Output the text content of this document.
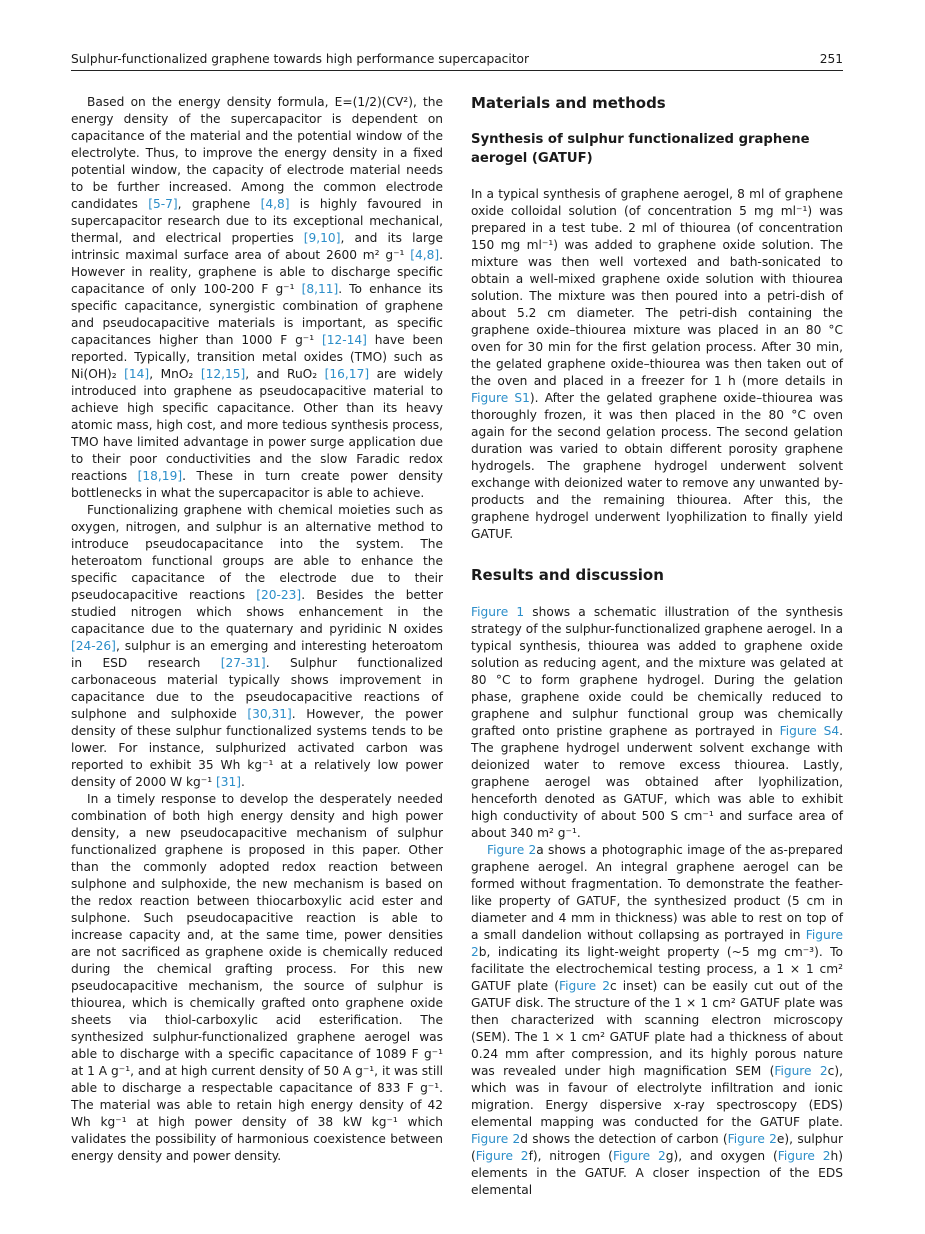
Sulphur-functionalized graphene towards high performance supercapacitor	251

Based on the energy density formula, E=(1/2)(CV²), the energy density of the supercapacitor is dependent on capacitance of the material and the potential window of the electrolyte. Thus, to improve the energy density in a fixed potential window, the capacity of electrode material needs to be further increased. Among the common electrode candidates [5-7], graphene [4,8] is highly favoured in supercapacitor research due to its exceptional mechanical, thermal, and electrical properties [9,10], and its large intrinsic maximal surface area of about 2600 m² g⁻¹ [4,8]. However in reality, graphene is able to discharge specific capacitance of only 100-200 F g⁻¹ [8,11]. To enhance its specific capacitance, synergistic combination of graphene and pseudocapacitive materials is important, as specific capacitances higher than 1000 F g⁻¹ [12-14] have been reported. Typically, transition metal oxides (TMO) such as Ni(OH)₂ [14], MnO₂ [12,15], and RuO₂ [16,17] are widely introduced into graphene as pseudocapacitive material to achieve high specific capacitance. Other than its heavy atomic mass, high cost, and more tedious synthesis process, TMO have limited advantage in power surge application due to their poor conductivities and the slow Faradic redox reactions [18,19]. These in turn create power density bottlenecks in what the supercapacitor is able to achieve.

Functionalizing graphene with chemical moieties such as oxygen, nitrogen, and sulphur is an alternative method to introduce pseudocapacitance into the system. The heteroatom functional groups are able to enhance the specific capacitance of the electrode due to their pseudocapacitive reactions [20-23]. Besides the better studied nitrogen which shows enhancement in the capacitance due to the quaternary and pyridinic N oxides [24-26], sulphur is an emerging and interesting heteroatom in ESD research [27-31]. Sulphur functionalized carbonaceous material typically shows improvement in capacitance due to the pseudocapacitive reactions of sulphone and sulphoxide [30,31]. However, the power density of these sulphur functionalized systems tends to be lower. For instance, sulphurized activated carbon was reported to exhibit 35 Wh kg⁻¹ at a relatively low power density of 2000 W kg⁻¹ [31].

In a timely response to develop the desperately needed combination of both high energy density and high power density, a new pseudocapacitive mechanism of sulphur functionalized graphene is proposed in this paper. Other than the commonly adopted redox reaction between sulphone and sulphoxide, the new mechanism is based on the redox reaction between thiocarboxylic acid ester and sulphone. Such pseudocapacitive reaction is able to increase capacity and, at the same time, power densities are not sacrificed as graphene oxide is chemically reduced during the chemical grafting process. For this new pseudocapacitive mechanism, the source of sulphur is thiourea, which is chemically grafted onto graphene oxide sheets via thiol-carboxylic acid esterification. The synthesized sulphur-functionalized graphene aerogel was able to discharge with a specific capacitance of 1089 F g⁻¹ at 1 A g⁻¹, and at high current density of 50 A g⁻¹, it was still able to discharge a respectable capacitance of 833 F g⁻¹. The material was able to retain high energy density of 42 Wh kg⁻¹ at high power density of 38 kW kg⁻¹ which validates the possibility of harmonious coexistence between energy density and power density.

Materials and methods
Synthesis of sulphur functionalized graphene aerogel (GATUF)

In a typical synthesis of graphene aerogel, 8 ml of graphene oxide colloidal solution (of concentration 5 mg ml⁻¹) was prepared in a test tube. 2 ml of thiourea (of concentration 150 mg ml⁻¹) was added to graphene oxide solution. The mixture was then well vortexed and bath-sonicated to obtain a well-mixed graphene oxide solution with thiourea solution. The mixture was then poured into a petri-dish of about 5.2 cm diameter. The petri-dish containing the graphene oxide–thiourea mixture was placed in an 80 °C oven for 30 min for the first gelation process. After 30 min, the gelated graphene oxide–thiourea was then taken out of the oven and placed in a freezer for 1 h (more details in Figure S1). After the gelated graphene oxide–thiourea was thoroughly frozen, it was then placed in the 80 °C oven again for the second gelation process. The second gelation duration was varied to obtain different porosity graphene hydrogels. The graphene hydrogel underwent solvent exchange with deionized water to remove any unwanted by-products and the remaining thiourea. After this, the graphene hydrogel underwent lyophilization to finally yield GATUF.

Results and discussion

Figure 1 shows a schematic illustration of the synthesis strategy of the sulphur-functionalized graphene aerogel. In a typical synthesis, thiourea was added to graphene oxide solution as reducing agent, and the mixture was gelated at 80 °C to form graphene hydrogel. During the gelation phase, graphene oxide could be chemically reduced to graphene and sulphur functional group was chemically grafted onto pristine graphene as portrayed in Figure S4. The graphene hydrogel underwent solvent exchange with deionized water to remove excess thiourea. Lastly, graphene aerogel was obtained after lyophilization, henceforth denoted as GATUF, which was able to exhibit high conductivity of about 500 S cm⁻¹ and surface area of about 340 m² g⁻¹.

Figure 2a shows a photographic image of the as-prepared graphene aerogel. An integral graphene aerogel can be formed without fragmentation. To demonstrate the feather-like property of GATUF, the synthesized product (5 cm in diameter and 4 mm in thickness) was able to rest on top of a small dandelion without collapsing as portrayed in Figure 2b, indicating its light-weight property (~5 mg cm⁻³). To facilitate the electrochemical testing process, a 1 × 1 cm² GATUF plate (Figure 2c inset) can be easily cut out of the GATUF disk. The structure of the 1 × 1 cm² GATUF plate was then characterized with scanning electron microscopy (SEM). The 1 × 1 cm² GATUF plate had a thickness of about 0.24 mm after compression, and its highly porous nature was revealed under high magnification SEM (Figure 2c), which was in favour of electrolyte infiltration and ionic migration. Energy dispersive x-ray spectroscopy (EDS) elemental mapping was conducted for the GATUF plate. Figure 2d shows the detection of carbon (Figure 2e), sulphur (Figure 2f), nitrogen (Figure 2g), and oxygen (Figure 2h) elements in the GATUF. A closer inspection of the EDS elemental
